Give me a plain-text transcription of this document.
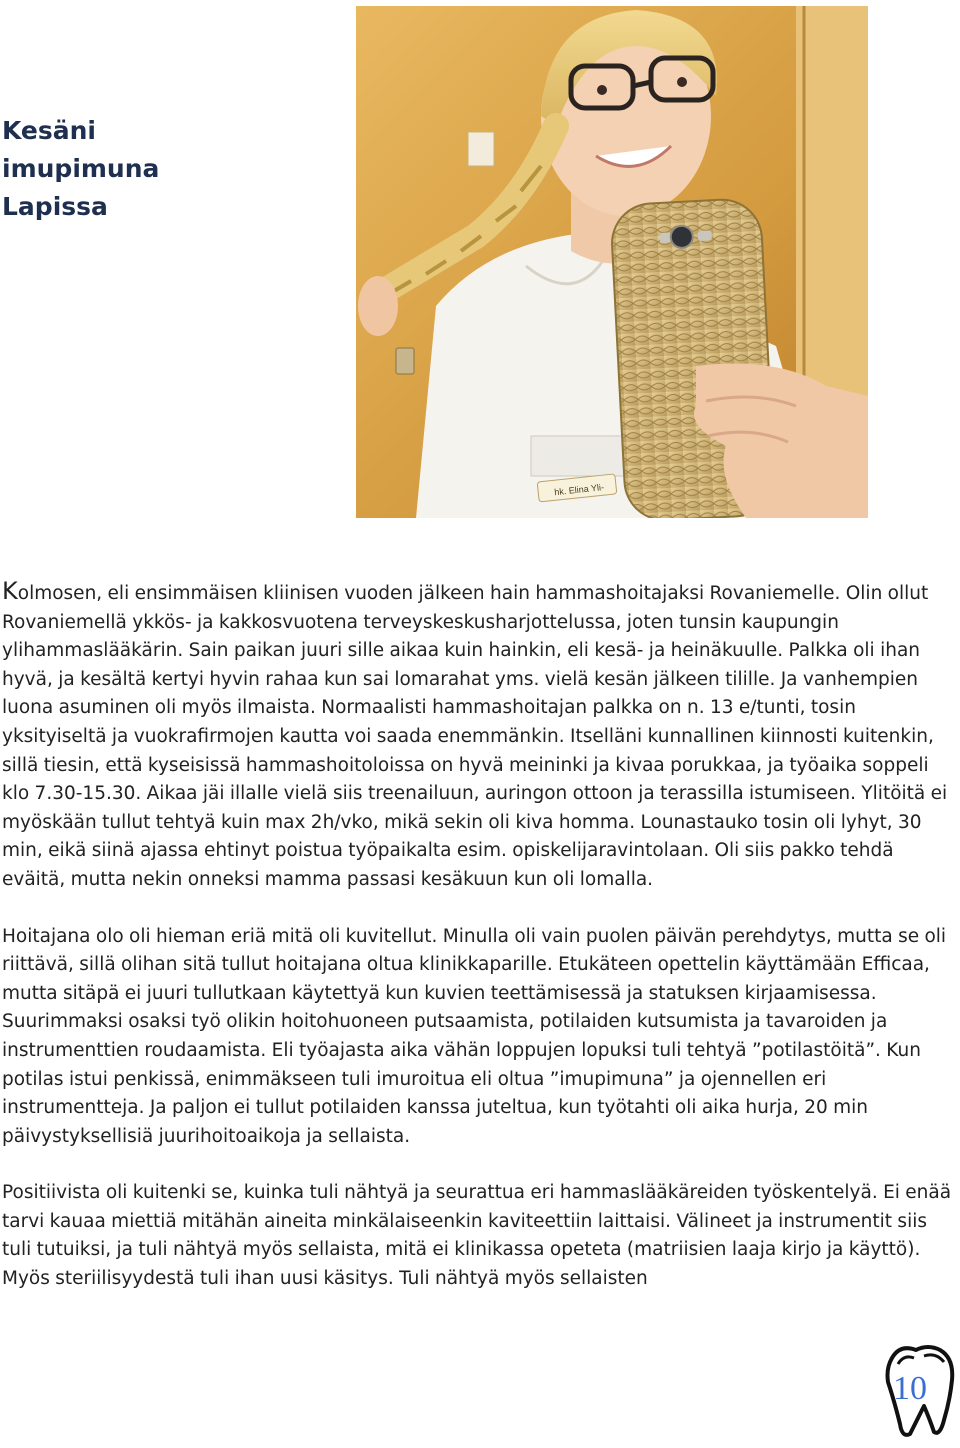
Kesäni
imupimuna
Lapissa
hk. Elina Yli-

Kolmosen, eli ensimmäisen kliinisen vuoden jälkeen hain hammashoitajaksi Rovaniemelle. Olin ollut Rovaniemellä ykkös- ja kakkosvuotena terveyskeskusharjottelussa, joten tunsin kaupungin ylihammaslääkärin. Sain paikan juuri sille aikaa kuin hainkin, eli kesä- ja heinäkuulle. Palkka oli ihan hyvä, ja kesältä kertyi hyvin rahaa kun sai lomarahat yms. vielä kesän jälkeen tilille. Ja vanhempien luona asuminen oli myös ilmaista. Normaalisti hammashoitajan palkka on n. 13 e/tunti, tosin yksityiseltä ja vuokrafirmojen kautta voi saada enemmänkin. Itselläni kunnallinen kiinnosti kuitenkin, sillä tiesin, että kyseisissä hammashoitoloissa on hyvä meininki ja kivaa porukkaa, ja työaika soppeli klo 7.30-15.30. Aikaa jäi illalle vielä siis treenailuun, auringon ottoon ja terassilla istumiseen. Ylitöitä ei myöskään tullut tehtyä kuin max 2h/vko, mikä sekin oli kiva homma. Lounastauko tosin oli lyhyt, 30 min, eikä siinä ajassa ehtinyt poistua työpaikalta esim. opiskelijaravintolaan. Oli siis pakko tehdä eväitä, mutta nekin onneksi mamma passasi kesäkuun kun oli lomalla.

Hoitajana olo oli hieman eriä mitä oli kuvitellut. Minulla oli vain puolen päivän perehdytys, mutta se oli riittävä, sillä olihan sitä tullut hoitajana oltua klinikkaparille. Etukäteen opettelin käyttämään Efficaa, mutta sitäpä ei juuri tullutkaan käytettyä kun kuvien teettämisessä ja statuksen kirjaamisessa. Suurimmaksi osaksi työ olikin hoitohuoneen putsaamista, potilaiden kutsumista ja tavaroiden ja instrumenttien roudaamista. Eli työajasta aika vähän loppujen lopuksi tuli tehtyä ”potilastöitä”. Kun potilas istui penkissä, enimmäkseen tuli imuroitua eli oltua ”imupimuna” ja ojennellen eri instrumentteja. Ja paljon ei tullut potilaiden kanssa juteltua, kun työtahti oli aika hurja, 20 min päivystyksellisiä juurihoitoaikoja ja sellaista.

Positiivista oli kuitenki se, kuinka tuli nähtyä ja seurattua eri hammaslääkäreiden työskentelyä. Ei enää tarvi kauaa miettiä mitähän aineita minkälaiseenkin kaviteettiin laittaisi. Välineet ja instrumentit siis tuli tutuiksi, ja tuli nähtyä myös sellaista, mitä ei klinikassa opeteta (matriisien laaja kirjo ja käyttö). Myös steriilisyydestä tuli ihan uusi käsitys. Tuli nähtyä myös sellaisten

10
